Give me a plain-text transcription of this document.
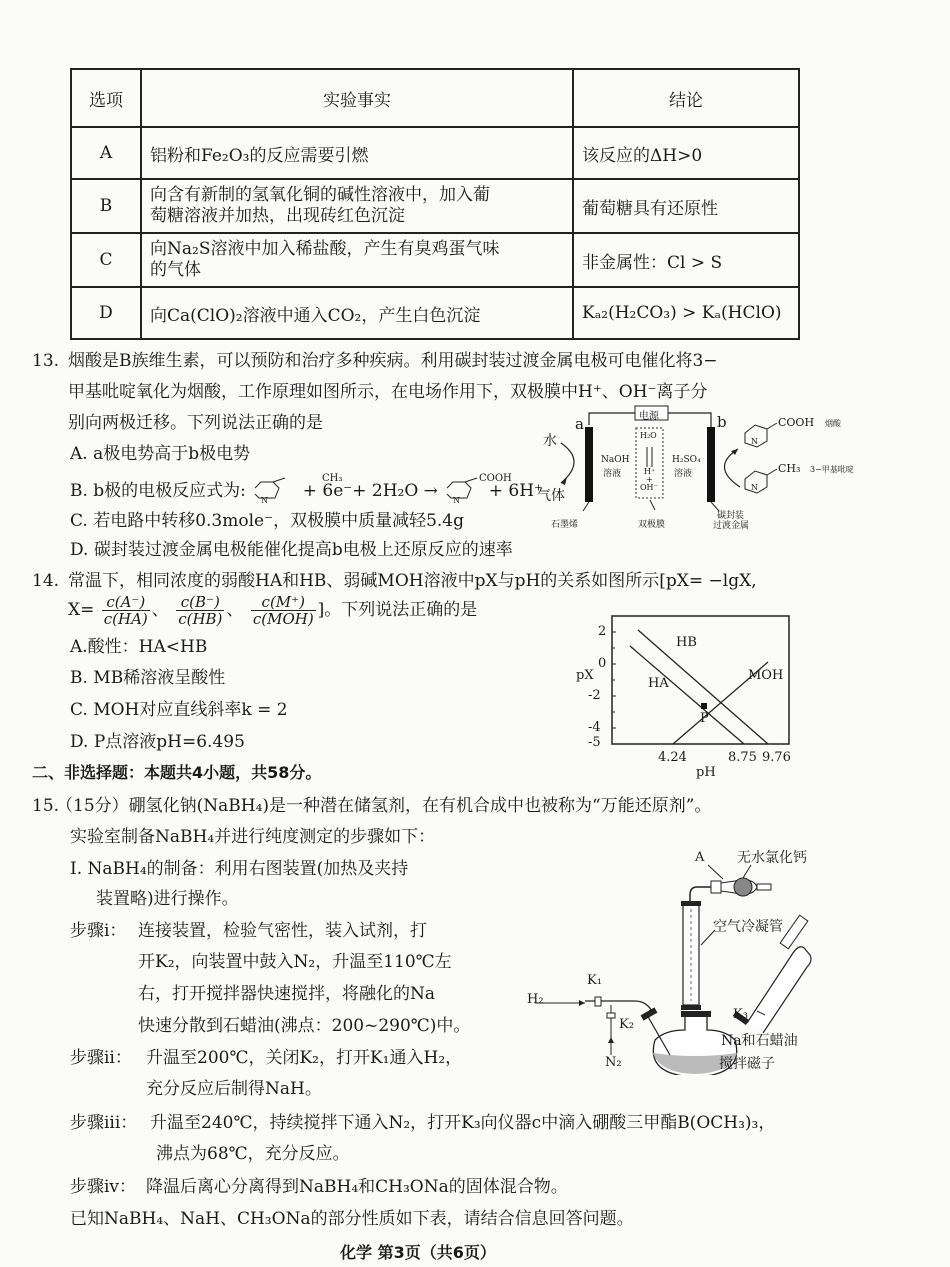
选项	实验事实	结论
A	铝粉和Fe₂O₃的反应需要引燃	该反应的ΔH>0
B	向含有新制的氢氧化铜的碱性溶液中，加入葡
萄糖溶液并加热，出现砖红色沉淀	葡萄糖具有还原性
C	向Na₂S溶液中加入稀盐酸，产生有臭鸡蛋气味
的气体	非金属性：Cl > S
D	向Ca(ClO)₂溶液中通入CO₂，产生白色沉淀	Kₐ₂(H₂CO₃) > Kₐ(HClO)
13. 烟酸是B族维生素，可以预防和治疗多种疾病。利用碳封装过渡金属电极可电催化将3−
甲基吡啶氧化为烟酸，工作原理如图所示，在电场作用下，双极膜中H⁺、OH⁻离子分
别向两极迁移。下列说法正确的是
A. a极电势高于b极电势
B. b极的电极反应式为: N

CH₃
+ 6e⁻+ 2H₂O → N

COOH
+ 6H⁺
C. 若电路中转移0.3mole⁻，双极膜中质量减轻5.4g
D. 碳封装过渡金属电极能催化提高b电极上还原反应的速率
电源
a	b
水
气体
NaOH
溶液
H₂O
H⁺
+
OH⁻
H₂SO₄
溶液
石墨烯	双极膜
碳封装
过渡金属
N
N
COOH 烟酸
CH₃ 3−甲基吡啶
14. 常温下，相同浓度的弱酸HA和HB、弱碱MOH溶液中pX与pH的关系如图所示[pX= −lgX,
$X= \frac{c(A^-)}{c(HA)}$ 、 $\frac{c(B^-)}{c(HB)}$ 、 $\frac{c(M^+)}{\text{c(MOH)}}$ ]。下列说法正确的是
A.酸性：HA<HB
B. MB稀溶液呈酸性
C. MOH对应直线斜率k = 2
D. P点溶液pH=6.495
2
0
-2
-4
-5
pX
4.24	8.75 9.76
pH
HB
HA
MOH
P
二、非选择题：本题共4小题，共58分。
15.
（15分）硼氢化钠(NaBH₄)是一种潜在储氢剂，在有机合成中也被称为“万能还原剂”。
实验室制备NaBH₄并进行纯度测定的步骤如下：
I. NaBH₄的制备：利用右图装置(加热及夹持
装置略)进行操作。
步骤i： 连接装置，检验气密性，装入试剂，打
开K₂，向装置中鼓入N₂，升温至110℃左
右，打开搅拌器快速搅拌，将融化的Na
快速分散到石蜡油(沸点：200~290℃)中。
步骤ii： 升温至200℃，关闭K₂，打开K₁通入H₂，
充分反应后制得NaH。
步骤iii： 升温至240℃，持续搅拌下通入N₂，打开K₃向仪器c中滴入硼酸三甲酯B(OCH₃)₃，
沸点为68℃，充分反应。
步骤iv： 降温后离心分离得到NaBH₄和CH₃ONa的固体混合物。
已知NaBH₄、NaH、CH₃ONa的部分性质如下表，请结合信息回答问题。
A 无水氯化钙
空气冷凝管
H₂
K₁
K₂
N₂
K₃
Na和石蜡油
搅拌磁子
化学 第3页（共6页）
